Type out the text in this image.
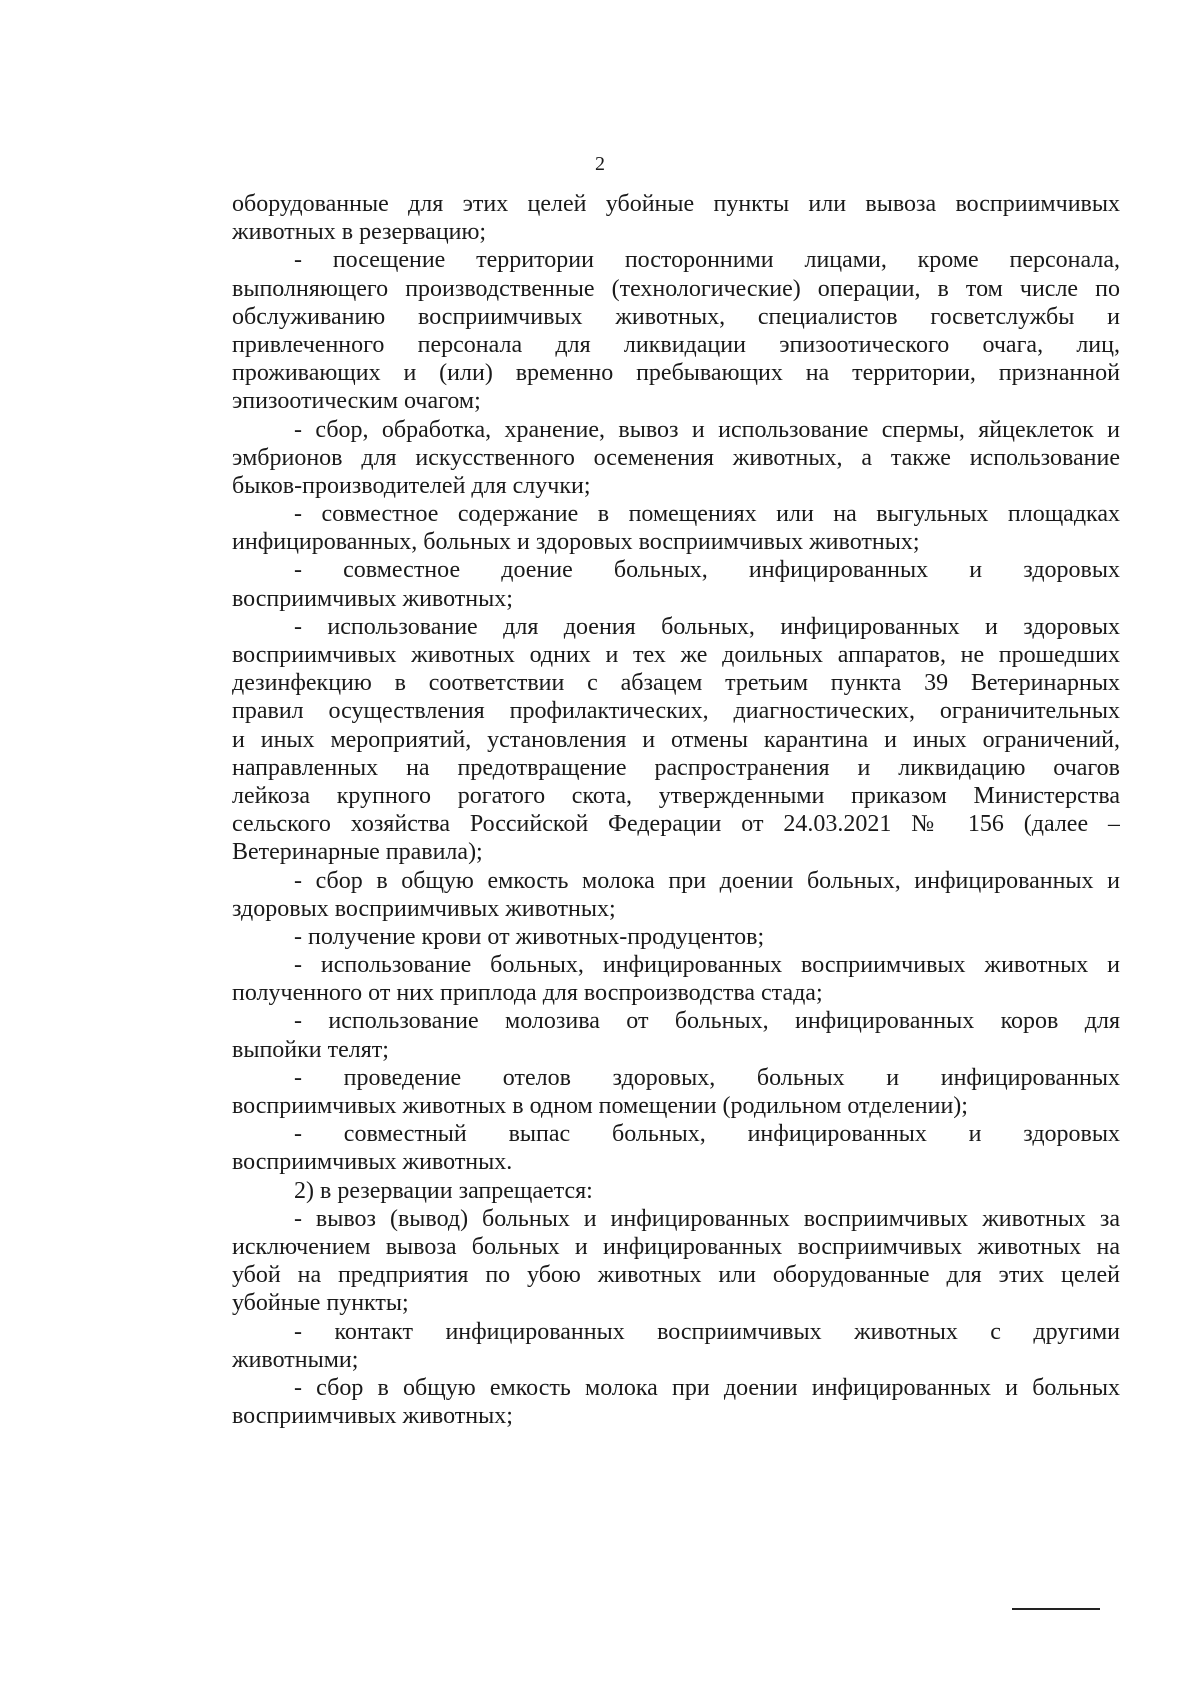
2
оборудованные для этих целей убойные пункты или вывоза восприимчивых
животных в резервацию;
- посещение территории посторонними лицами, кроме персонала,
выполняющего производственные (технологические) операции, в том числе по
обслуживанию восприимчивых животных, специалистов госветслужбы и
привлеченного персонала для ликвидации эпизоотического очага, лиц,
проживающих и (или) временно пребывающих на территории, признанной
эпизоотическим очагом;
- сбор, обработка, хранение, вывоз и использование спермы, яйцеклеток и
эмбрионов для искусственного осеменения животных, а также использование
быков-производителей для случки;
- совместное содержание в помещениях или на выгульных площадках
инфицированных, больных и здоровых восприимчивых животных;
- совместное доение больных, инфицированных и здоровых
восприимчивых животных;
- использование для доения больных, инфицированных и здоровых
восприимчивых животных одних и тех же доильных аппаратов, не прошедших
дезинфекцию в соответствии с абзацем третьим пункта 39 Ветеринарных
правил осуществления профилактических, диагностических, ограничительных
и иных мероприятий, установления и отмены карантина и иных ограничений,
направленных на предотвращение распространения и ликвидацию очагов
лейкоза крупного рогатого скота, утвержденными приказом Министерства
сельского хозяйства Российской Федерации от 24.03.2021 № 156 (далее –
Ветеринарные правила);
- сбор в общую емкость молока при доении больных, инфицированных и
здоровых восприимчивых животных;
- получение крови от животных-продуцентов;
- использование больных, инфицированных восприимчивых животных и
полученного от них приплода для воспроизводства стада;
- использование молозива от больных, инфицированных коров для
выпойки телят;
- проведение отелов здоровых, больных и инфицированных
восприимчивых животных в одном помещении (родильном отделении);
- совместный выпас больных, инфицированных и здоровых
восприимчивых животных.
2) в резервации запрещается:
- вывоз (вывод) больных и инфицированных восприимчивых животных за
исключением вывоза больных и инфицированных восприимчивых животных на
убой на предприятия по убою животных или оборудованные для этих целей
убойные пункты;
- контакт инфицированных восприимчивых животных с другими
животными;
- сбор в общую емкость молока при доении инфицированных и больных
восприимчивых животных;
